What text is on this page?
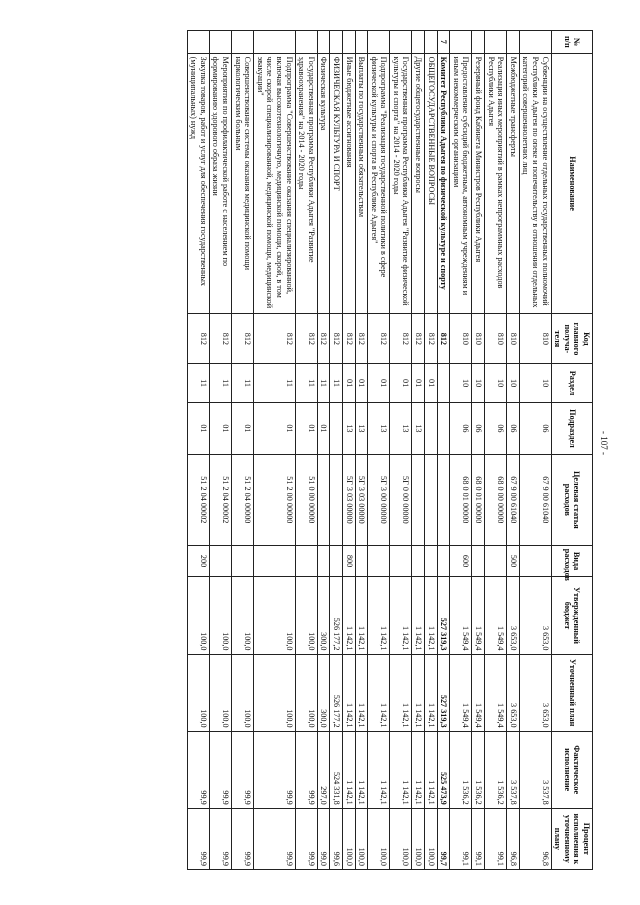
- 107 -
№ п/п	Наименование	Код главного получа-теля	Раздел	Подраздел	Целевая статья расходов	Вида расходов	Утвержденный бюджет	Уточненный план	Фактическое исполнение	Процент исполнения к уточненному плану
	Субвенции на осуществление отдельных государственных полномочий Республики Адыгея по опеке и попечительству в отношении отдельных категорий совершеннолетних лиц	810	10	06	67 9 00 61040		3 653,0	3 653,0	3 537,8	96,8
	Межбюджетные трансферты	810	10	06	67 9 00 61040	500	3 653,0	3 653,0	3 537,8	96,8
	Реализация иных мероприятий в рамках непрограммных расходов Республики Адыгея	810	10	06	68 0 00 00000		1 549,4	1 549,4	1 536,2	99,1
	Резервный фонд Кабинета Министров Республики Адыгея	810	10	06	68 0 01 00000		1 549,4	1 549,4	1 536,2	99,1
	Предоставление субсидий бюджетным, автономным учреждениям и иным некоммерческим организациям	810	10	06	68 0 01 00000	600	1 549,4	1 549,4	1 536,2	99,1
7	Комитет Республики Адыгея по физической культуре и спорту	812					527 319,3	527 319,3	525 473,9	99,7
	ОБЩЕГОСУДАРСТВЕННЫЕ ВОПРОСЫ	812	01				1 142,1	1 142,1	1 142,1	100,0
	Другие общегосударственные вопросы	812	01	13			1 142,1	1 142,1	1 142,1	100,0
	Государственная программа Республики Адыгея "Развитие физической культуры и спорта" на 2014 - 2020 годы	812	01	13	5Г 0 00 00000		1 142,1	1 142,1	1 142,1	100,0
	Подпрограмма "Реализация государственной политики в сфере физической культуры и спорта в Республике Адыгея"	812	01	13	5Г 3 00 00000		1 142,1	1 142,1	1 142,1	100,0
	Выплаты по государственным обязательствам	812	01	13	5Г 3 03 00000		1 142,1	1 142,1	1 142,1	100,0
	Иные бюджетные ассигнования	812	01	13	5Г 3 03 00000	800	1 142,1	1 142,1	1 142,1	100,0
	ФИЗИЧЕСКАЯ КУЛЬТУРА И СПОРТ	812	11				526 177,2	526 177,2	524 331,8	99,6
	Физическая культура	812	11	01			300,0	300,0	297,0	99,0
	Государственная программа Республики Адыгея "Развитие здравоохранения" на 2014 - 2020 годы	812	11	01	51 0 00 00000		100,0	100,0	99,9	99,9
	Подпрограмма "Совершенствование оказания специализированной, включая высокотехнологичную, медицинской помощи, скорой, в том числе скорой специализированной, медицинской помощи, медицинской эвакуации"	812	11	01	51 2 00 00000		100,0	100,0	99,9	99,9
	Совершенствование системы оказания медицинской помощи наркологическим больным	812	11	01	51 2 04 00000		100,0	100,0	99,9	99,9
	Мероприятия по профилактической работе с населением по формированию здорового образа жизни	812	11	01	51 2 04 00002		100,0	100,0	99,9	99,9
	Закупка товаров, работ и услуг для обеспечения государственных (муниципальных) нужд	812	11	01	51 2 04 00002	200	100,0	100,0	99,9	99,9
